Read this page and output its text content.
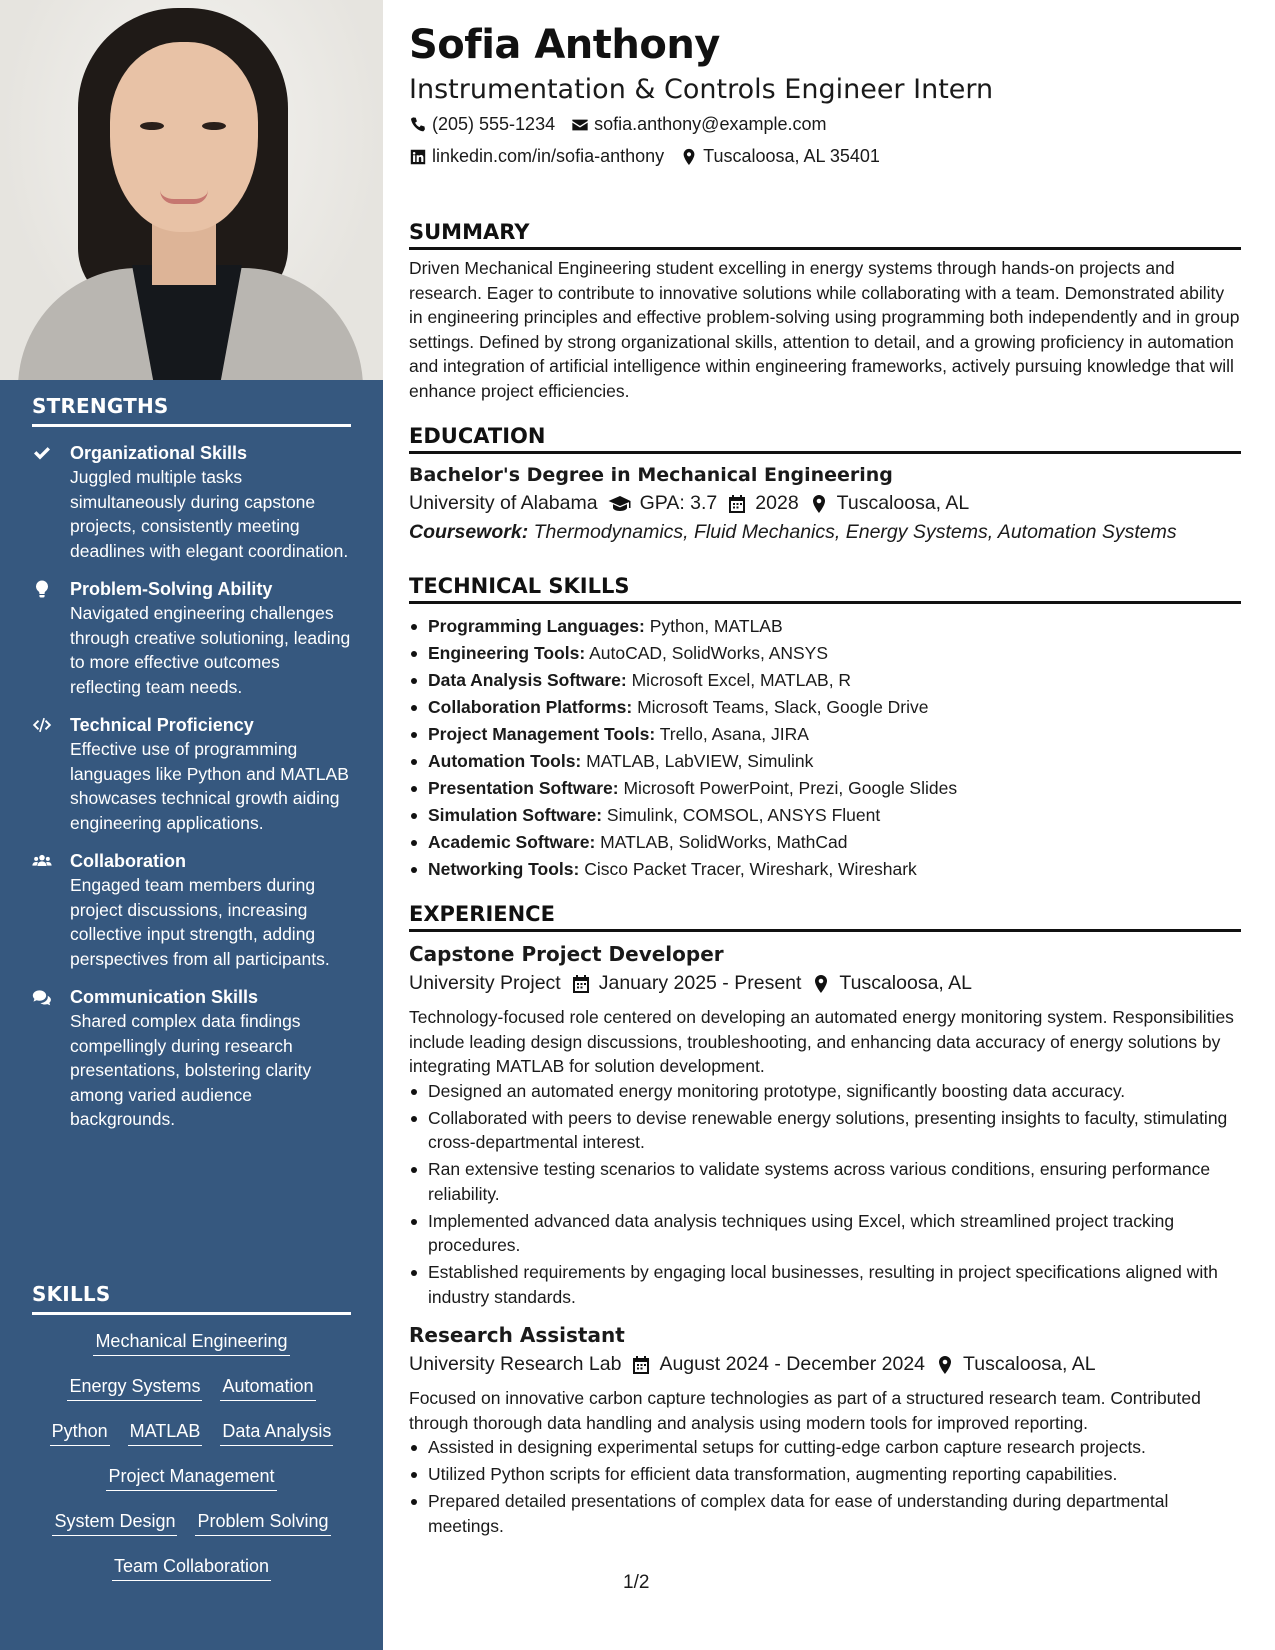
STRENGTHS
Organizational Skills
Juggled multiple tasks simultaneously during capstone projects, consistently meeting deadlines with elegant coordination.
Problem-Solving Ability
Navigated engineering challenges through creative solutioning, leading to more effective outcomes reflecting team needs.
Technical Proficiency
Effective use of programming languages like Python and MATLAB showcases technical growth aiding engineering applications.
Collaboration
Engaged team members during project discussions, increasing collective input strength, adding perspectives from all participants.
Communication Skills
Shared complex data findings compellingly during research presentations, bolstering clarity among varied audience backgrounds.
SKILLS
Mechanical Engineering
Energy Systems Automation
Python MATLAB Data Analysis
Project Management
System Design Problem Solving
Team Collaboration
Sofia Anthony
Instrumentation & Controls Engineer Intern
(205) 555-1234 sofia.anthony@example.com
linkedin.com/in/sofia-anthony Tuscaloosa, AL 35401
SUMMARY
Driven Mechanical Engineering student excelling in energy systems through hands-on projects and research. Eager to contribute to innovative solutions while collaborating with a team. Demonstrated ability in engineering principles and effective problem-solving using programming both independently and in group settings. Defined by strong organizational skills, attention to detail, and a growing proficiency in automation and integration of artificial intelligence within engineering frameworks, actively pursuing knowledge that will enhance project efficiencies.
EDUCATION
Bachelor's Degree in Mechanical Engineering
University of Alabama GPA: 3.7 2028 Tuscaloosa, AL
Coursework: Thermodynamics, Fluid Mechanics, Energy Systems, Automation Systems
TECHNICAL SKILLS
Programming Languages: Python, MATLAB
Engineering Tools: AutoCAD, SolidWorks, ANSYS
Data Analysis Software: Microsoft Excel, MATLAB, R
Collaboration Platforms: Microsoft Teams, Slack, Google Drive
Project Management Tools: Trello, Asana, JIRA
Automation Tools: MATLAB, LabVIEW, Simulink
Presentation Software: Microsoft PowerPoint, Prezi, Google Slides
Simulation Software: Simulink, COMSOL, ANSYS Fluent
Academic Software: MATLAB, SolidWorks, MathCad
Networking Tools: Cisco Packet Tracer, Wireshark, Wireshark
EXPERIENCE
Capstone Project Developer
University Project January 2025 - Present Tuscaloosa, AL
Technology-focused role centered on developing an automated energy monitoring system. Responsibilities include leading design discussions, troubleshooting, and enhancing data accuracy of energy solutions by integrating MATLAB for solution development.
Designed an automated energy monitoring prototype, significantly boosting data accuracy.
Collaborated with peers to devise renewable energy solutions, presenting insights to faculty, stimulating cross-departmental interest.
Ran extensive testing scenarios to validate systems across various conditions, ensuring performance reliability.
Implemented advanced data analysis techniques using Excel, which streamlined project tracking procedures.
Established requirements by engaging local businesses, resulting in project specifications aligned with industry standards.
Research Assistant
University Research Lab August 2024 - December 2024 Tuscaloosa, AL
Focused on innovative carbon capture technologies as part of a structured research team. Contributed through thorough data handling and analysis using modern tools for improved reporting.
Assisted in designing experimental setups for cutting-edge carbon capture research projects.
Utilized Python scripts for efficient data transformation, augmenting reporting capabilities.
Prepared detailed presentations of complex data for ease of understanding during departmental meetings.
1/2
